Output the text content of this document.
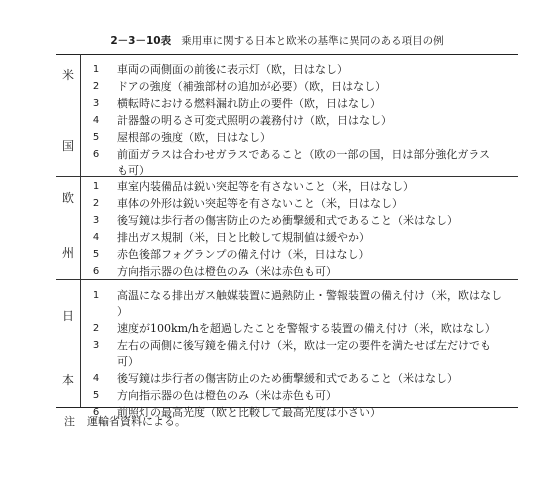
2－3－10表 乗用車に関する日本と欧米の基準に異同のある項目の例
米
国
1	車両の両側面の前後に表示灯（欧，日はなし）
2	ドアの強度（補強部材の追加が必要）（欧，日はなし）
3	横転時における燃料漏れ防止の要件（欧，日はなし）
4	計器盤の明るさ可変式照明の義務付け（欧，日はなし）
5	屋根部の強度（欧，日はなし）
6	前面ガラスは合わせガラスであること（欧の一部の国，日は部分強化ガラス
も可）
欧
州
1	車室内装備品は鋭い突起等を有さないこと（米，日はなし）
2	車体の外形は鋭い突起等を有さないこと（米，日はなし）
3	後写鏡は歩行者の傷害防止のため衝撃緩和式であること（米はなし）
4	排出ガス規制（米，日と比較して規制値は緩やか）
5	赤色後部フォグランプの備え付け（米，日はなし）
6	方向指示器の色は橙色のみ（米は赤色も可）
日
本
1	高温になる排出ガス触媒装置に過熱防止・警報装置の備え付け（米，欧はなし
）
2	速度が100km/hを超過したことを警報する装置の備え付け（米，欧はなし）
3	左右の両側に後写鏡を備え付け（米，欧は一定の要件を満たせば左だけでも
可）
4	後写鏡は歩行者の傷害防止のため衝撃緩和式であること（米はなし）
5	方向指示器の色は橙色のみ（米は赤色も可）
6	前照灯の最高光度（欧と比較して最高光度は小さい）
注 運輸省資料による。
